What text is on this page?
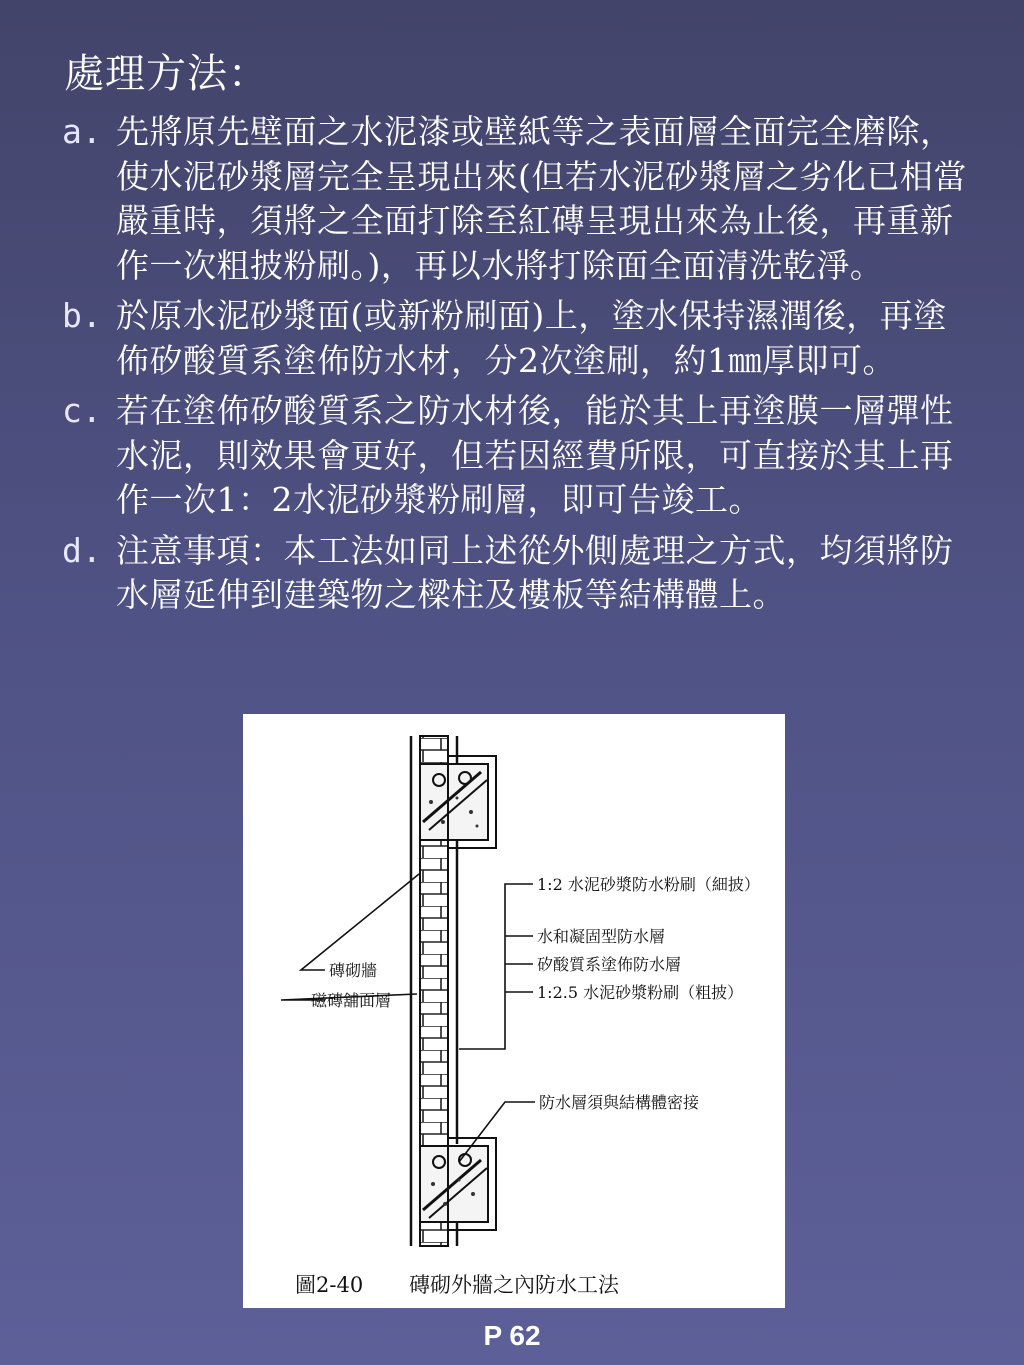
處理方法：
a. 先將原先壁面之水泥漆或壁紙等之表面層全面完全磨除，使水泥砂漿層完全呈現出來(但若水泥砂漿層之劣化已相當嚴重時，須將之全面打除至紅磚呈現出來為止後，再重新作一次粗披粉刷。)，再以水將打除面全面清洗乾淨。
b. 於原水泥砂漿面(或新粉刷面)上，塗水保持濕潤後，再塗佈矽酸質系塗佈防水材，分2次塗刷，約1㎜厚即可。
c. 若在塗佈矽酸質系之防水材後，能於其上再塗膜一層彈性水泥，則效果會更好，但若因經費所限，可直接於其上再作一次1：2水泥砂漿粉刷層，即可告竣工。
d. 注意事項：本工法如同上述從外側處理之方式，均須將防水層延伸到建築物之樑柱及樓板等結構體上。
1:2 水泥砂漿防水粉刷（細披）
水和凝固型防水層
矽酸質系塗佈防水層
1:2.5 水泥砂漿粉刷（粗披）
防水層須與結構體密接
磚砌牆
磁磚舖面層
圖2-40 磚砌外牆之內防水工法
P 62
